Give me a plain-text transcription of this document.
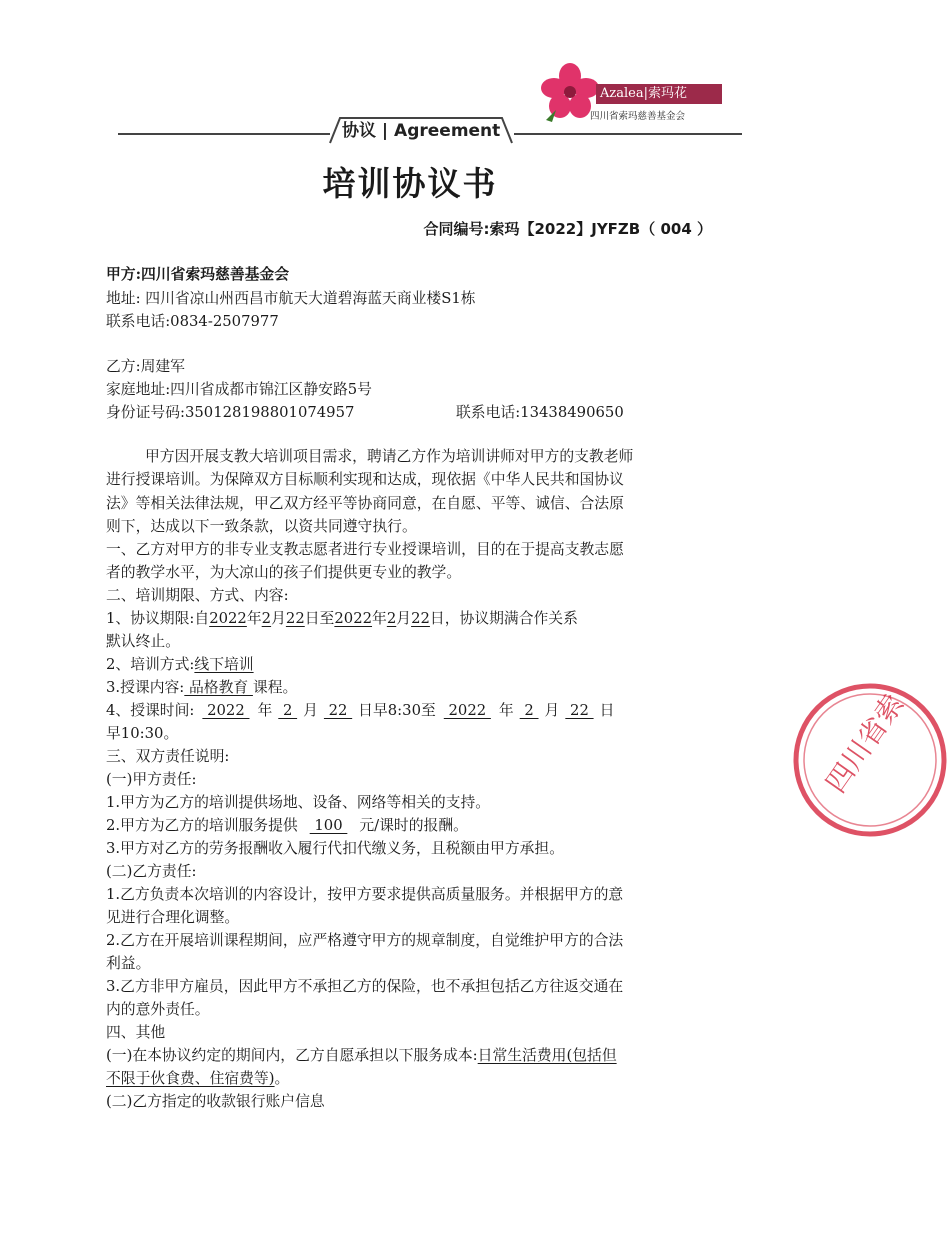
Azalea|索玛花
四川省索玛慈善基金会
协议 | Agreement
培训协议书
合同编号:索玛【2022】JYFZB（ 004 ）
甲方:四川省索玛慈善基金会
地址: 四川省凉山州西昌市航天大道碧海蓝天商业楼S1栋
联系电话:0834-2507977
乙方:周建军
家庭地址:四川省成都市锦江区静安路5号
身份证号码:350128198801074957	联系电话:13438490650
甲方因开展支教大培训项目需求，聘请乙方作为培训讲师对甲方的支教老师
进行授课培训。为保障双方目标顺利实现和达成，现依据《中华人民共和国协议
法》等相关法律法规，甲乙双方经平等协商同意，在自愿、平等、诚信、合法原
则下，达成以下一致条款，以资共同遵守执行。
一、乙方对甲方的非专业支教志愿者进行专业授课培训，目的在于提高支教志愿
者的教学水平，为大凉山的孩子们提供更专业的教学。
二、培训期限、方式、内容:
1、协议期限:自2022年2月22日至2022年2月22日，协议期满合作关系
默认终止。
2、培训方式:线下培训
3.授课内容: 品格教育 课程。
4、授课时间: 2022 年 2 月 22 日早8:30至 2022 年 2 月 22 日
早10:30。
三、双方责任说明:
(一)甲方责任:
1.甲方为乙方的培训提供场地、设备、网络等相关的支持。
2.甲方为乙方的培训服务提供 100 元/课时的报酬。
3.甲方对乙方的劳务报酬收入履行代扣代缴义务，且税额由甲方承担。
(二)乙方责任:
1.乙方负责本次培训的内容设计，按甲方要求提供高质量服务。并根据甲方的意
见进行合理化调整。
2.乙方在开展培训课程期间，应严格遵守甲方的规章制度，自觉维护甲方的合法
利益。
3.乙方非甲方雇员，因此甲方不承担乙方的保险，也不承担包括乙方往返交通在
内的意外责任。
四、其他
(一)在本协议约定的期间内，乙方自愿承担以下服务成本:日常生活费用(包括但
不限于伙食费、住宿费等)。
(二)乙方指定的收款银行账户信息
四川省索
